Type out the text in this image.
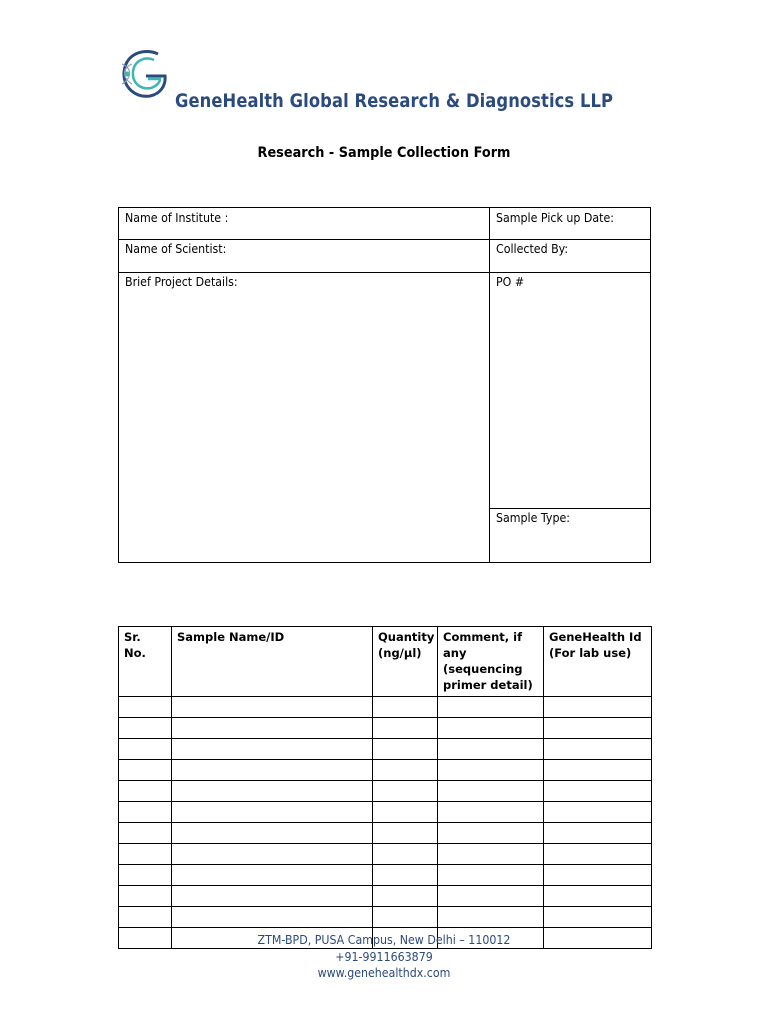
GeneHealth Global Research & Diagnostics LLP
Research - Sample Collection Form
Name of Institute :	Sample Pick up Date:
Name of Scientist:	Collected By:
Brief Project Details:	PO #
Sample Type:
Sr. No.	Sample Name/ID	Quantity (ng/µl)	Comment, if any (sequencing primer detail)	GeneHealth Id (For lab use)

ZTM-BPD, PUSA Campus, New Delhi – 110012
+91-9911663879
www.genehealthdx.com
